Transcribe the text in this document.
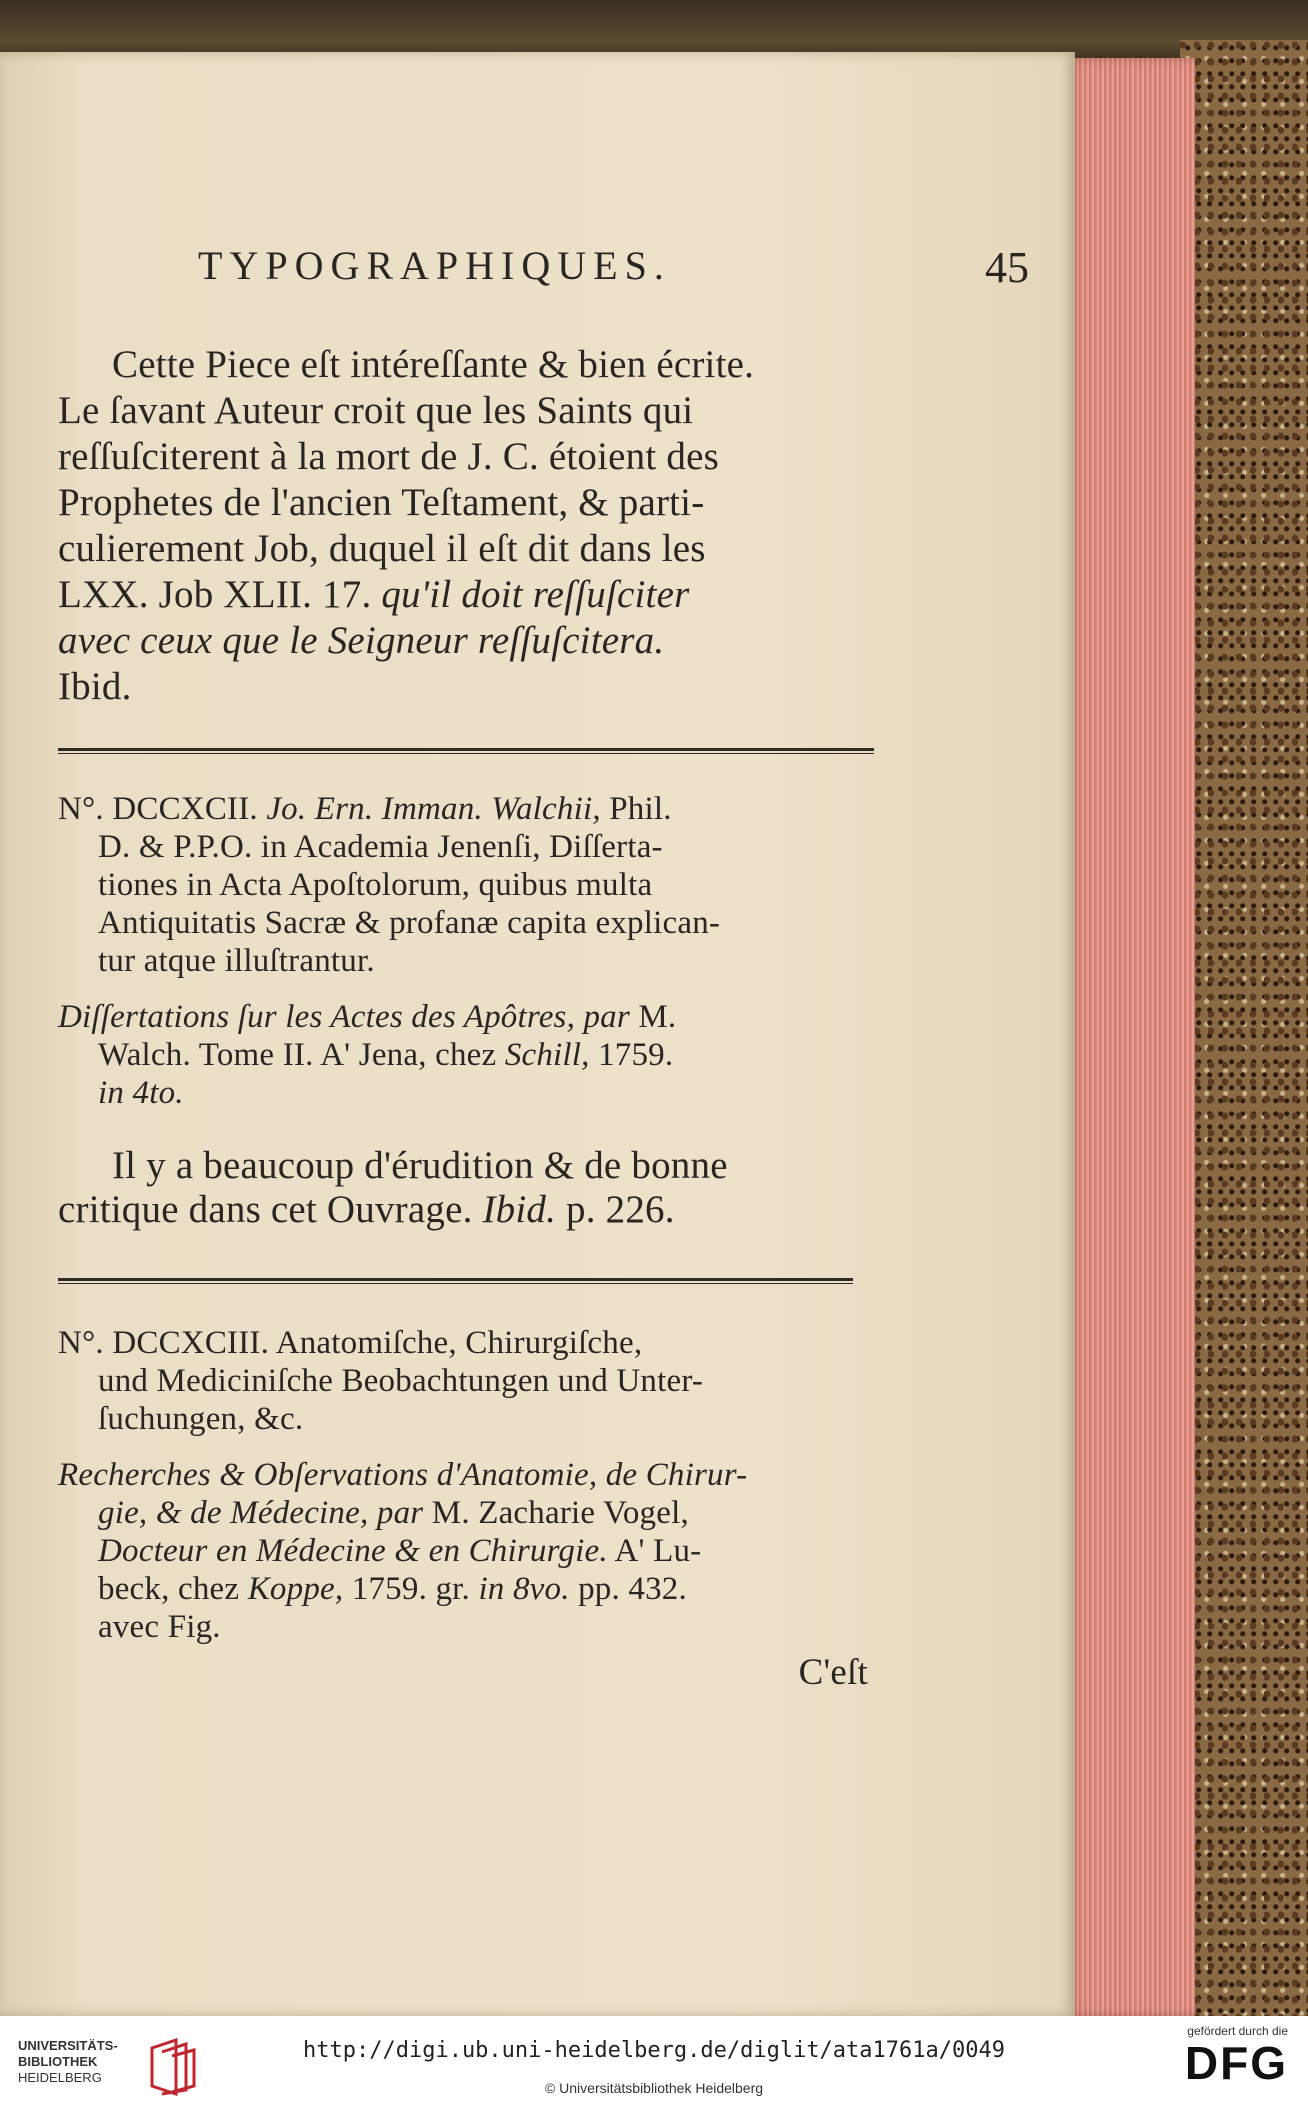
TYPOGRAPHIQUES.	45

Cette Piece eſt intéreſſante & bien écrite.

Le ſavant Auteur croit que les Saints qui

reſſuſciterent à la mort de J. C. étoient des

Prophetes de l'ancien Teſtament, & parti-

culierement Job, duquel il eſt dit dans les

LXX. Job XLII. 17. qu'il doit reſſuſciter

avec ceux que le Seigneur reſſuſcitera.

Ibid.

N°. DCCXCII. Jo. Ern. Imman. Walchii, Phil.

D. & P.P.O. in Academia Jenenſi, Diſſerta-

tiones in Acta Apoſtolorum, quibus multa

Antiquitatis Sacræ & profanæ capita explican-

tur atque illuſtrantur.

Diſſertations ſur les Actes des Apôtres, par M.

Walch. Tome II. A' Jena, chez Schill, 1759.

in 4to.

Il y a beaucoup d'érudition & de bonne

critique dans cet Ouvrage. Ibid. p. 226.

N°. DCCXCIII. Anatomiſche, Chirurgiſche,

und Mediciniſche Beobachtungen und Unter-

ſuchungen, &c.

Recherches & Obſervations d'Anatomie, de Chirur-

gie, & de Médecine, par M. Zacharie Vogel,

Docteur en Médecine & en Chirurgie. A' Lu-

beck, chez Koppe, 1759. gr. in 8vo. pp. 432.

avec Fig.

C'eſt

UNIVERSITÄTS-
BIBLIOTHEK
HEIDELBERG
http://digi.ub.uni-heidelberg.de/diglit/ata1761a/0049
© Universitätsbibliothek Heidelberg
gefördert durch die
DFG
